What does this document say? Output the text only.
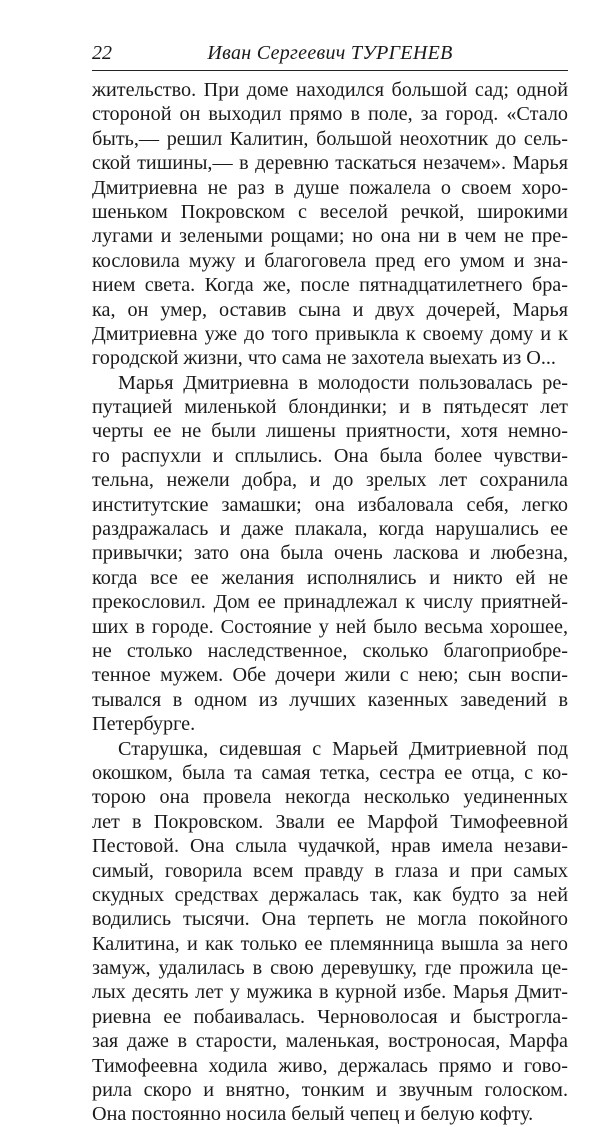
22	Иван Сергеевич ТУРГЕНЕВ
жительство. При доме находился большой сад; одной
стороной он выходил прямо в поле, за город. «Стало
быть,— решил Калитин, большой неохотник до сель-
ской тишины,— в деревню таскаться незачем». Марья
Дмитриевна не раз в душе пожалела о своем хоро-
шеньком Покровском с веселой речкой, широкими
лугами и зелеными рощами; но она ни в чем не пре-
кословила мужу и благоговела пред его умом и зна-
нием света. Когда же, после пятнадцатилетнего бра-
ка, он умер, оставив сына и двух дочерей, Марья
Дмитриевна уже до того привыкла к своему дому и к
городской жизни, что сама не захотела выехать из О...
Марья Дмитриевна в молодости пользовалась ре-
путацией миленькой блондинки; и в пятьдесят лет
черты ее не были лишены приятности, хотя немно-
го распухли и сплылись. Она была более чувстви-
тельна, нежели добра, и до зрелых лет сохранила
институтские замашки; она избаловала себя, легко
раздражалась и даже плакала, когда нарушались ее
привычки; зато она была очень ласкова и любезна,
когда все ее желания исполнялись и никто ей не
прекословил. Дом ее принадлежал к числу приятней-
ших в городе. Состояние у ней было весьма хорошее,
не столько наследственное, сколько благоприобре-
тенное мужем. Обе дочери жили с нею; сын воспи-
тывался в одном из лучших казенных заведений в
Петербурге.
Старушка, сидевшая с Марьей Дмитриевной под
окошком, была та самая тетка, сестра ее отца, с ко-
торою она провела некогда несколько уединенных
лет в Покровском. Звали ее Марфой Тимофеевной
Пестовой. Она слыла чудачкой, нрав имела незави-
симый, говорила всем правду в глаза и при самых
скудных средствах держалась так, как будто за ней
водились тысячи. Она терпеть не могла покойного
Калитина, и как только ее племянница вышла за него
замуж, удалилась в свою деревушку, где прожила це-
лых десять лет у мужика в курной избе. Марья Дмит-
риевна ее побаивалась. Черноволосая и быстрогла-
зая даже в старости, маленькая, востроносая, Марфа
Тимофеевна ходила живо, держалась прямо и гово-
рила скоро и внятно, тонким и звучным голоском.
Она постоянно носила белый чепец и белую кофту.
